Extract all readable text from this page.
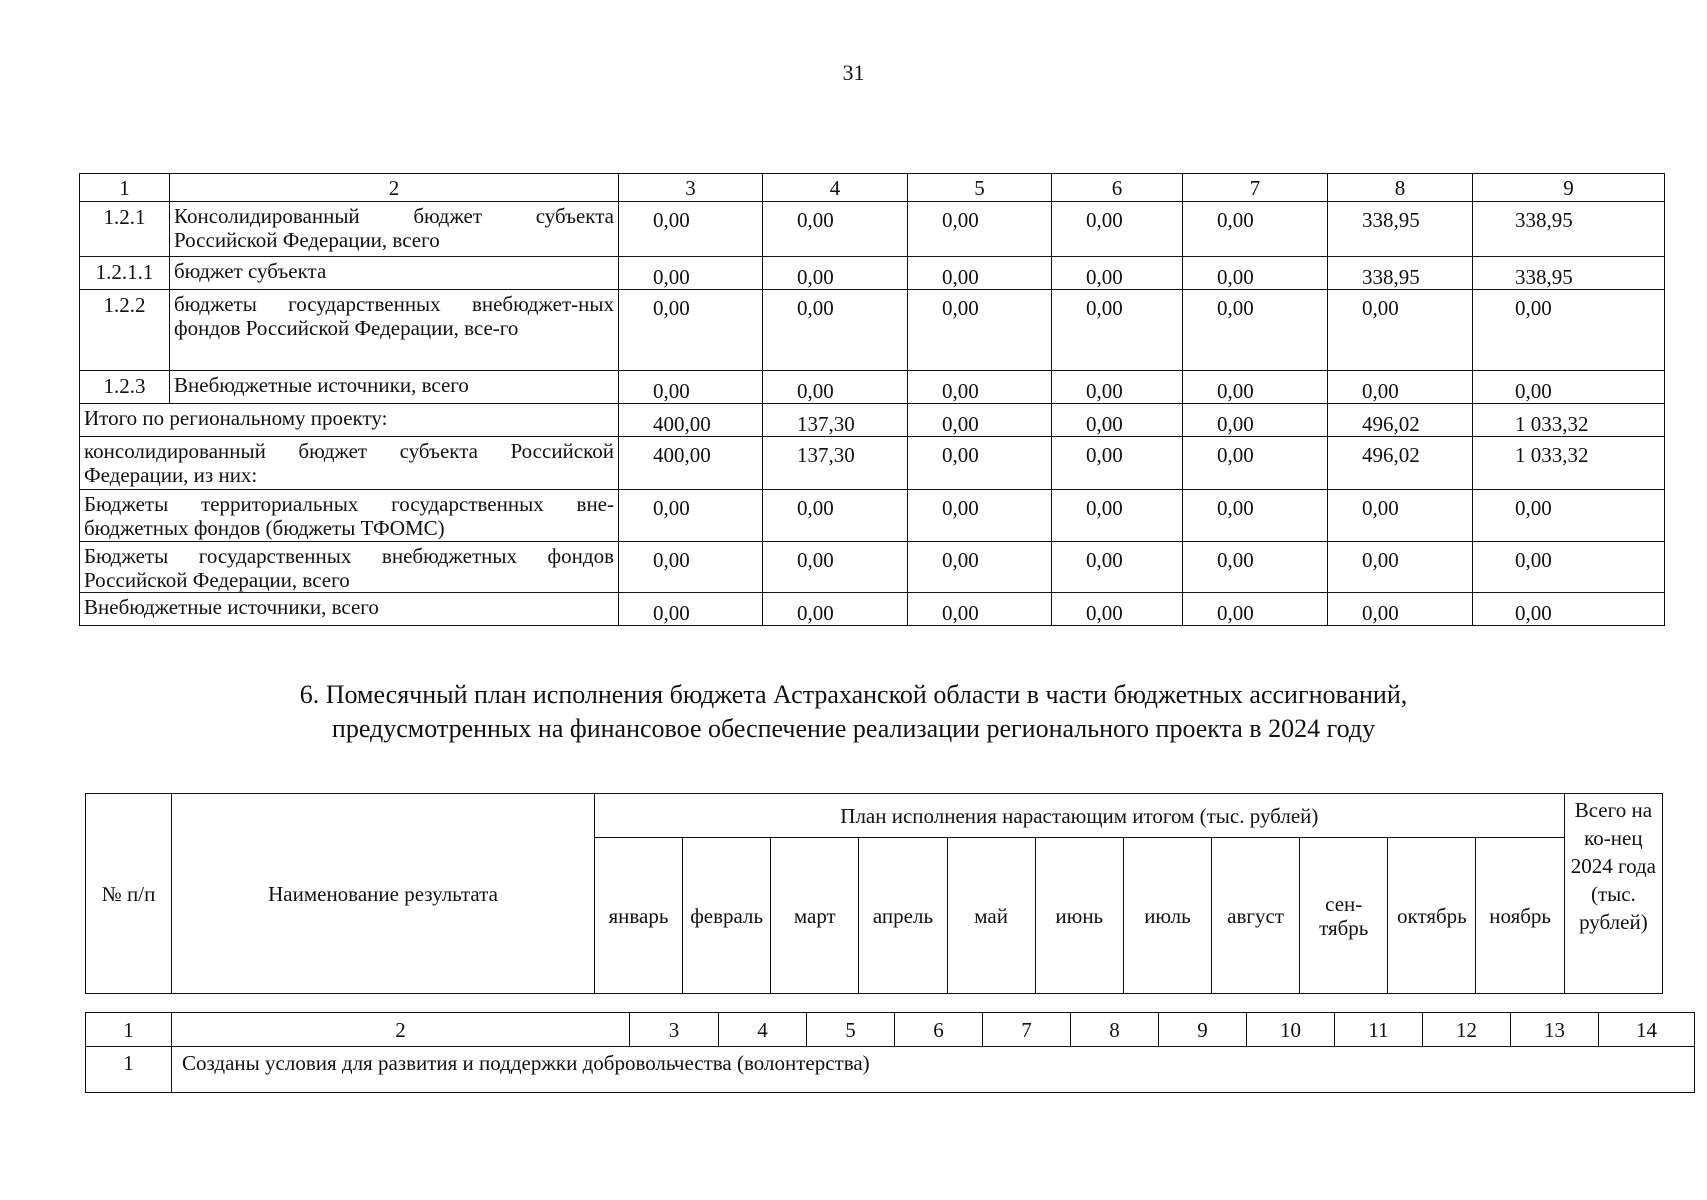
31
1	2	3	4	5	6	7	8	9
1.2.1	Консолидированный бюджет субъекта Российской Федерации, всего	0,00	0,00	0,00	0,00	0,00	338,95	338,95
1.2.1.1	бюджет субъекта	0,00	0,00	0,00	0,00	0,00	338,95	338,95
1.2.2	бюджеты государственных внебюджет-ных фондов Российской Федерации, все-го	0,00	0,00	0,00	0,00	0,00	0,00	0,00
1.2.3	Внебюджетные источники, всего	0,00	0,00	0,00	0,00	0,00	0,00	0,00
Итого по региональному проекту:		400,00	137,30	0,00	0,00	0,00	496,02	1 033,32
консолидированный бюджет субъекта Российской Федерации, из них:		400,00	137,30	0,00	0,00	0,00	496,02	1 033,32
Бюджеты территориальных государственных вне-бюджетных фондов (бюджеты ТФОМС)		0,00	0,00	0,00	0,00	0,00	0,00	0,00
Бюджеты государственных внебюджетных фондов Российской Федерации, всего		0,00	0,00	0,00	0,00	0,00	0,00	0,00
Внебюджетные источники, всего		0,00	0,00	0,00	0,00	0,00	0,00	0,00
6. Помесячный план исполнения бюджета Астраханской области в части бюджетных ассигнований,
предусмотренных на финансовое обеспечение реализации регионального проекта в 2024 году
№ п/п	Наименование результата	План исполнения нарастающим итогом (тыс. рублей)											Всего на ко-нец 2024 года (тыс. рублей)
		январь	февраль	март	апрель	май	июнь	июль	август	сен-тябрь	октябрь	ноябрь	
1	2	3	4	5	6	7	8	9	10	11	12	13	14
1	Созданы условия для развития и поддержки добровольчества (волонтерства)												
